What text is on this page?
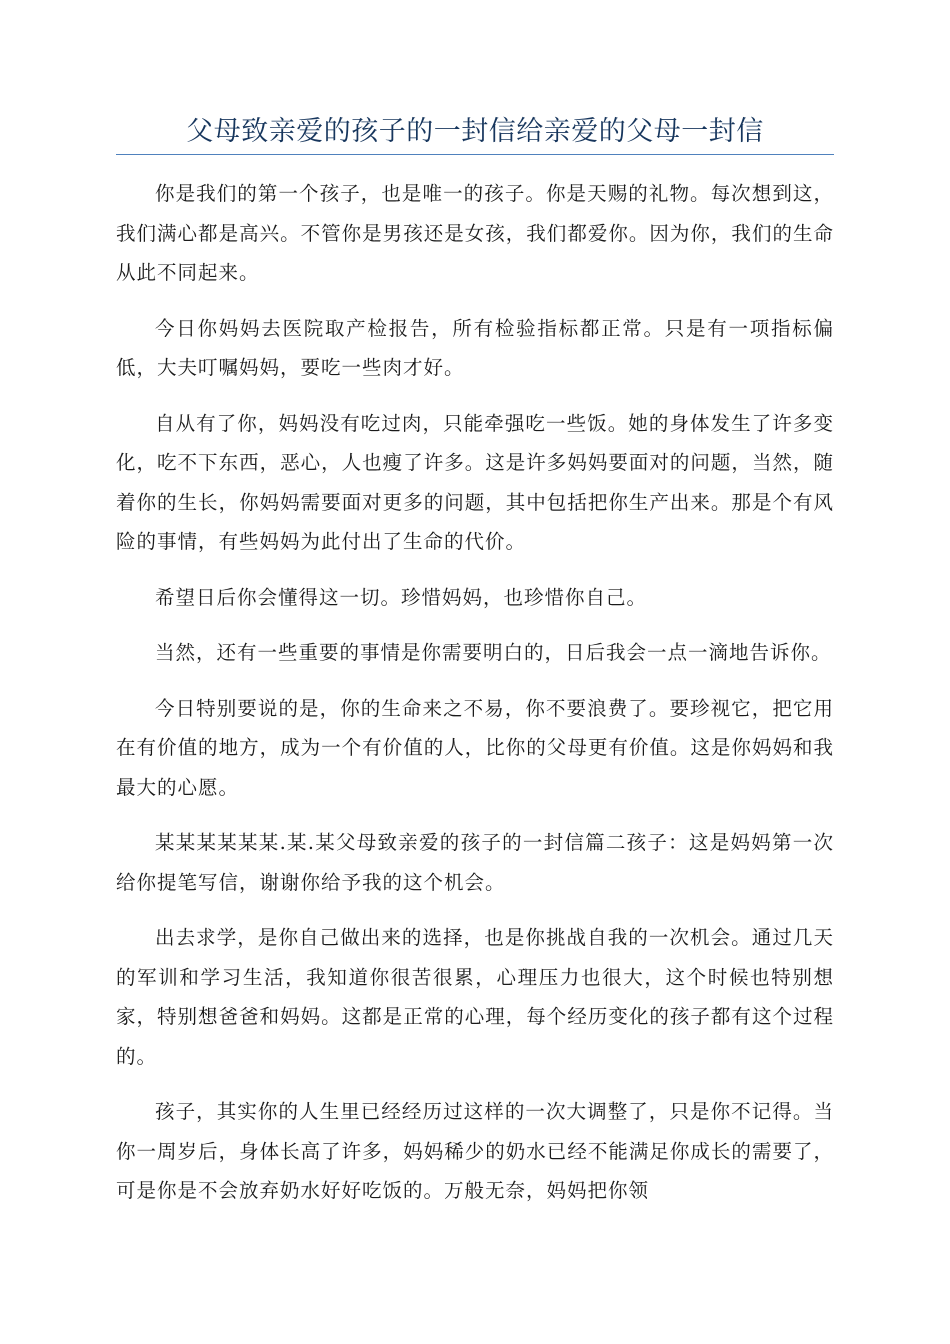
父母致亲爱的孩子的一封信给亲爱的父母一封信

你是我们的第一个孩子，也是唯一的孩子。你是天赐的礼物。每次想到这，我们满心都是高兴。不管你是男孩还是女孩，我们都爱你。因为你，我们的生命从此不同起来。

今日你妈妈去医院取产检报告，所有检验指标都正常。只是有一项指标偏低，大夫叮嘱妈妈，要吃一些肉才好。

自从有了你，妈妈没有吃过肉，只能牵强吃一些饭。她的身体发生了许多变化，吃不下东西，恶心，人也瘦了许多。这是许多妈妈要面对的问题，当然，随着你的生长，你妈妈需要面对更多的问题，其中包括把你生产出来。那是个有风险的事情，有些妈妈为此付出了生命的代价。

希望日后你会懂得这一切。珍惜妈妈，也珍惜你自己。

当然，还有一些重要的事情是你需要明白的，日后我会一点一滴地告诉你。

今日特别要说的是，你的生命来之不易，你不要浪费了。要珍视它，把它用在有价值的地方，成为一个有价值的人，比你的父母更有价值。这是你妈妈和我最大的心愿。

某某某某某某.某.某父母致亲爱的孩子的一封信篇二孩子：这是妈妈第一次给你提笔写信，谢谢你给予我的这个机会。

出去求学，是你自己做出来的选择，也是你挑战自我的一次机会。通过几天的军训和学习生活，我知道你很苦很累，心理压力也很大，这个时候也特别想家，特别想爸爸和妈妈。这都是正常的心理，每个经历变化的孩子都有这个过程的。

孩子，其实你的人生里已经经历过这样的一次大调整了，只是你不记得。当你一周岁后，身体长高了许多，妈妈稀少的奶水已经不能满足你成长的需要了，可是你是不会放弃奶水好好吃饭的。万般无奈，妈妈把你领
